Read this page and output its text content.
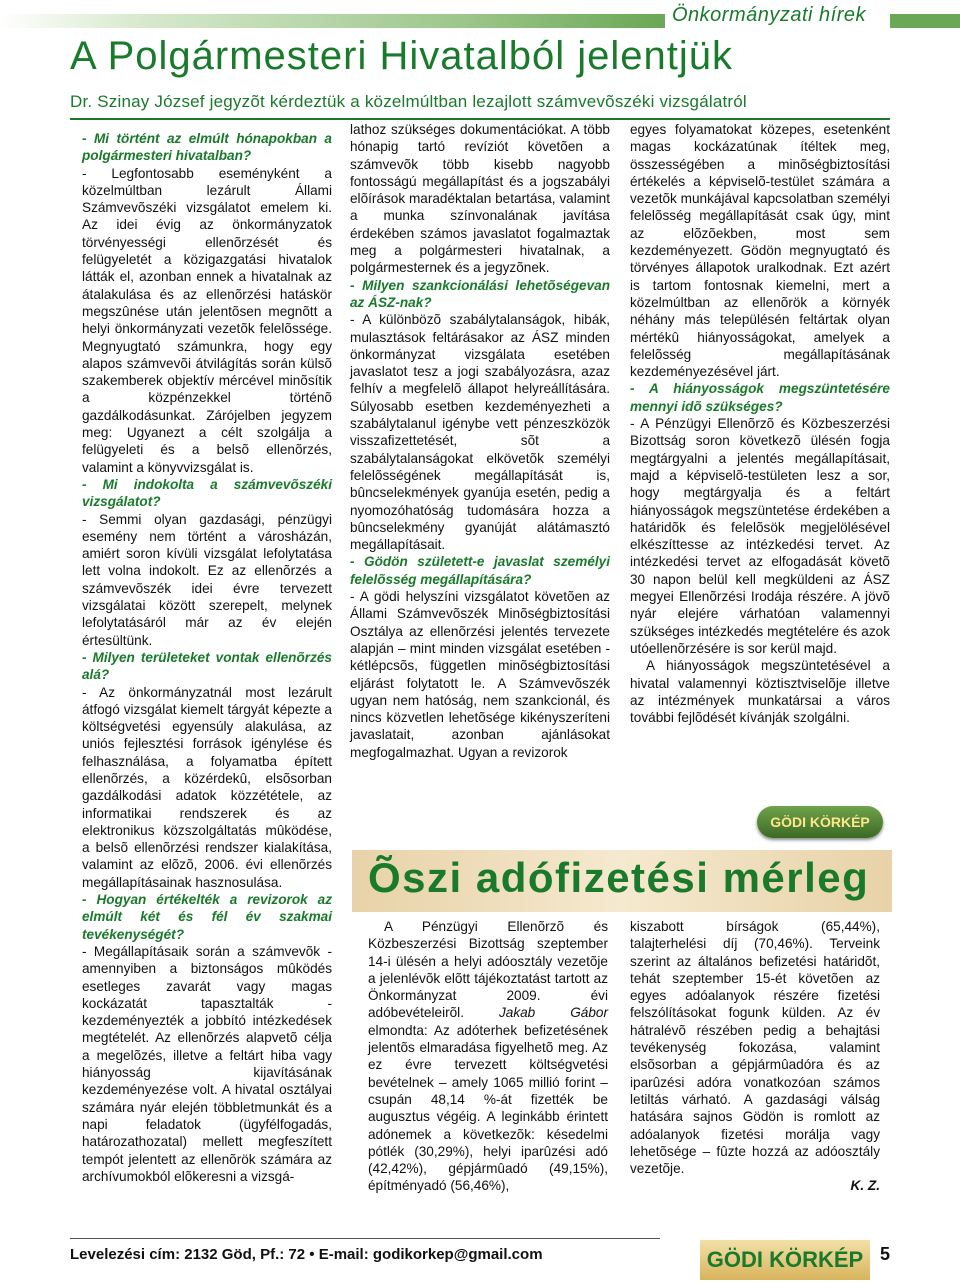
Önkormányzati hírek
A Polgármesteri Hivatalból jelentjük
Dr. Szinay József jegyzõt kérdeztük a közelmúltban lezajlott számvevõszéki vizsgálatról

- Mi történt az elmúlt hónapokban a polgármesteri hivatalban?

- Legfontosabb eseményként a közelmúltban lezárult Állami Számvevõszéki vizsgálatot emelem ki. Az idei évig az önkormányzatok törvényességi ellenõrzését és felügyeletét a közigazgatási hivatalok látták el, azonban ennek a hivatalnak az átalakulása és az ellenõrzési hatáskör megszûnése után jelentõsen megnõtt a helyi önkormányzati vezetõk felelõssége. Megnyugtató számunkra, hogy egy alapos számvevõi átvilágítás során külsõ szakemberek objektív mércével minõsítik a közpénzekkel történõ gazdálkodásunkat. Zárójelben jegyzem meg: Ugyanezt a célt szolgálja a felügyeleti és a belsõ ellenõrzés, valamint a könyvvizsgálat is.

- Mi indokolta a számvevõszéki vizsgálatot?

- Semmi olyan gazdasági, pénzügyi esemény nem történt a városházán, amiért soron kívüli vizsgálat lefolytatása lett volna indokolt. Ez az ellenõrzés a számvevõszék idei évre tervezett vizsgálatai között szerepelt, melynek lefolytatásáról már az év elején értesültünk.

- Milyen területeket vontak ellenõrzés alá?

- Az önkormányzatnál most lezárult átfogó vizsgálat kiemelt tárgyát képezte a költségvetési egyensúly alakulása, az uniós fejlesztési források igénylése és felhasználása, a folyamatba épített ellenõrzés, a közérdekû, elsõsorban gazdálkodási adatok közzététele, az informatikai rendszerek és az elektronikus közszolgáltatás mûködése, a belsõ ellenõrzési rendszer kialakítása, valamint az elõzõ, 2006. évi ellenõrzés megállapításainak hasznosulása.

- Hogyan értékelték a revizorok az elmúlt két és fél év szakmai tevékenységét?

- Megállapításaik során a számvevõk - amennyiben a biztonságos mûködés esetleges zavarát vagy magas kockázatát tapasztalták - kezdeményezték a jobbító intézkedések megtételét. Az ellenõrzés alapvetõ célja a megelõzés, illetve a feltárt hiba vagy hiányosság kijavításának kezdeményezése volt. A hivatal osztályai számára nyár elején többletmunkát és a napi feladatok (ügyfélfogadás, határozathozatal) mellett megfeszített tempót jelentett az ellenõrök számára az archívumokból elõkeresni a vizsgá-

lathoz szükséges dokumentációkat. A több hónapig tartó revíziót követõen a számvevõk több kisebb nagyobb fontosságú megállapítást és a jogszabályi elõírások maradéktalan betartása, valamint a munka színvonalának javítása érdekében számos javaslatot fogalmaztak meg a polgármesteri hivatalnak, a polgármesternek és a jegyzõnek.

- Milyen szankcionálási lehetõségevan az ÁSZ-nak?

- A különbözõ szabálytalanságok, hibák, mulasztások feltárásakor az ÁSZ minden önkormányzat vizsgálata esetében javaslatot tesz a jogi szabályozásra, azaz felhív a megfelelõ állapot helyreállítására. Súlyosabb esetben kezdeményezheti a szabálytalanul igénybe vett pénzeszközök visszafizettetését, sõt a szabálytalanságokat elkövetõk személyi felelõsségének megállapítását is, bûncselekmények gyanúja esetén, pedig a nyomozóhatóság tudomására hozza a bûncselekmény gyanúját alátámasztó megállapításait.

- Gödön született-e javaslat személyi felelõsség megállapítására?

- A gödi helyszíni vizsgálatot követõen az Állami Számvevõszék Minõségbiztosítási Osztálya az ellenõrzési jelentés tervezete alapján – mint minden vizsgálat esetében - kétlépcsõs, független minõségbiztosítási eljárást folytatott le. A Számvevõszék ugyan nem hatóság, nem szankcionál, és nincs közvetlen lehetõsége kikényszeríteni javaslatait, azonban ajánlásokat megfogalmazhat. Ugyan a revizorok

egyes folyamatokat közepes, esetenként magas kockázatúnak ítéltek meg, összességében a minõségbiztosítási értékelés a képviselõ-testület számára a vezetõk munkájával kapcsolatban személyi felelõsség megállapítását csak úgy, mint az elõzõekben, most sem kezdeményezett. Gödön megnyugtató és törvényes állapotok uralkodnak. Ezt azért is tartom fontosnak kiemelni, mert a közelmúltban az ellenõrök a környék néhány más településén feltártak olyan mértékû hiányosságokat, amelyek a felelõsség megállapításának kezdeményezésével járt.

- A hiányosságok megszüntetésére mennyi idõ szükséges?

- A Pénzügyi Ellenõrzõ és Közbeszerzési Bizottság soron következõ ülésén fogja megtárgyalni a jelentés megállapításait, majd a képviselõ-testületen lesz a sor, hogy megtárgyalja és a feltárt hiányosságok megszüntetése érdekében a határidõk és felelõsök megjelölésével elkészíttesse az intézkedési tervet. Az intézkedési tervet az elfogadását követõ 30 napon belül kell megküldeni az ÁSZ megyei Ellenõrzési Irodája részére. A jövõ nyár elejére várhatóan valamennyi szükséges intézkedés megtételére és azok utóellenõrzésére is sor kerül majd.

A hiányosságok megszüntetésével a hivatal valamennyi köztisztviselõje illetve az intézmények munkatársai a város további fejlõdését kívánják szolgálni.

GÖDI KÖRKÉP
Õszi adófizetési mérleg

A Pénzügyi Ellenõrzõ és Közbeszerzési Bizottság szeptember 14-i ülésén a helyi adóosztály vezetõje a jelenlévõk elõtt tájékoztatást tartott az Önkormányzat 2009. évi adóbevételeirõl.	Jakab Gábor elmondta: Az adóterhek befizetésének jelentõs elmaradása figyelhetõ meg. Az ez évre tervezett költségvetési bevételnek – amely 1065 millió forint – csupán 48,14 %-át fizették be augusztus végéig. A leginkább érintett adónemek a következõk: késedelmi pótlék (30,29%), helyi iparûzési adó (42,42%), gépjármûadó (49,15%), építményadó (56,46%),

kiszabott bírságok (65,44%), talajterhelési díj (70,46%). Terveink szerint az általános befizetési határidõt, tehát szeptember 15-ét követõen az egyes adóalanyok részére fizetési felszólításokat fogunk külden. Az év hátralévõ részében pedig a behajtási tevékenység fokozása, valamint elsõsorban a gépjármûadóra és az iparûzési adóra vonatkozóan számos letiltás várható. A gazdasági válság hatására sajnos Gödön is romlott az adóalanyok fizetési morálja vagy lehetõsége – fûzte hozzá az adóosztály vezetõje.

K. Z.

Levelezési cím: 2132 Göd, Pf.: 72 • E-mail: godikorkep@gmail.com	GÖDI KÖRKÉP 5
